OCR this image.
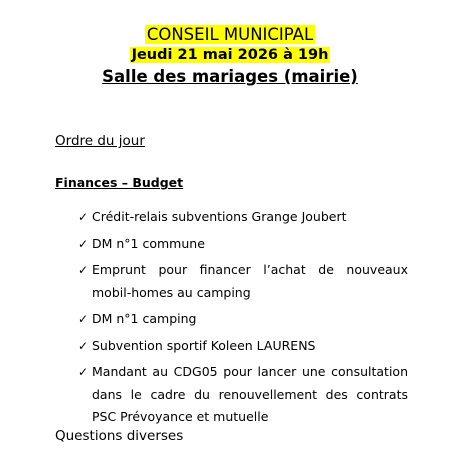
CONSEIL MUNICIPAL
Jeudi 21 mai 2026 à 19h
Salle des mariages (mairie)
Ordre du jour
Finances – Budget
✓ Crédit-relais subventions Grange Joubert
✓ DM n°1 commune
✓ Emprunt pour financer l’achat de nouveaux mobil-homes au camping
✓ DM n°1 camping
✓ Subvention sportif Koleen LAURENS
✓ Mandant au CDG05 pour lancer une consultation dans le cadre du renouvellement des contrats PSC Prévoyance et mutuelle
Questions diverses
